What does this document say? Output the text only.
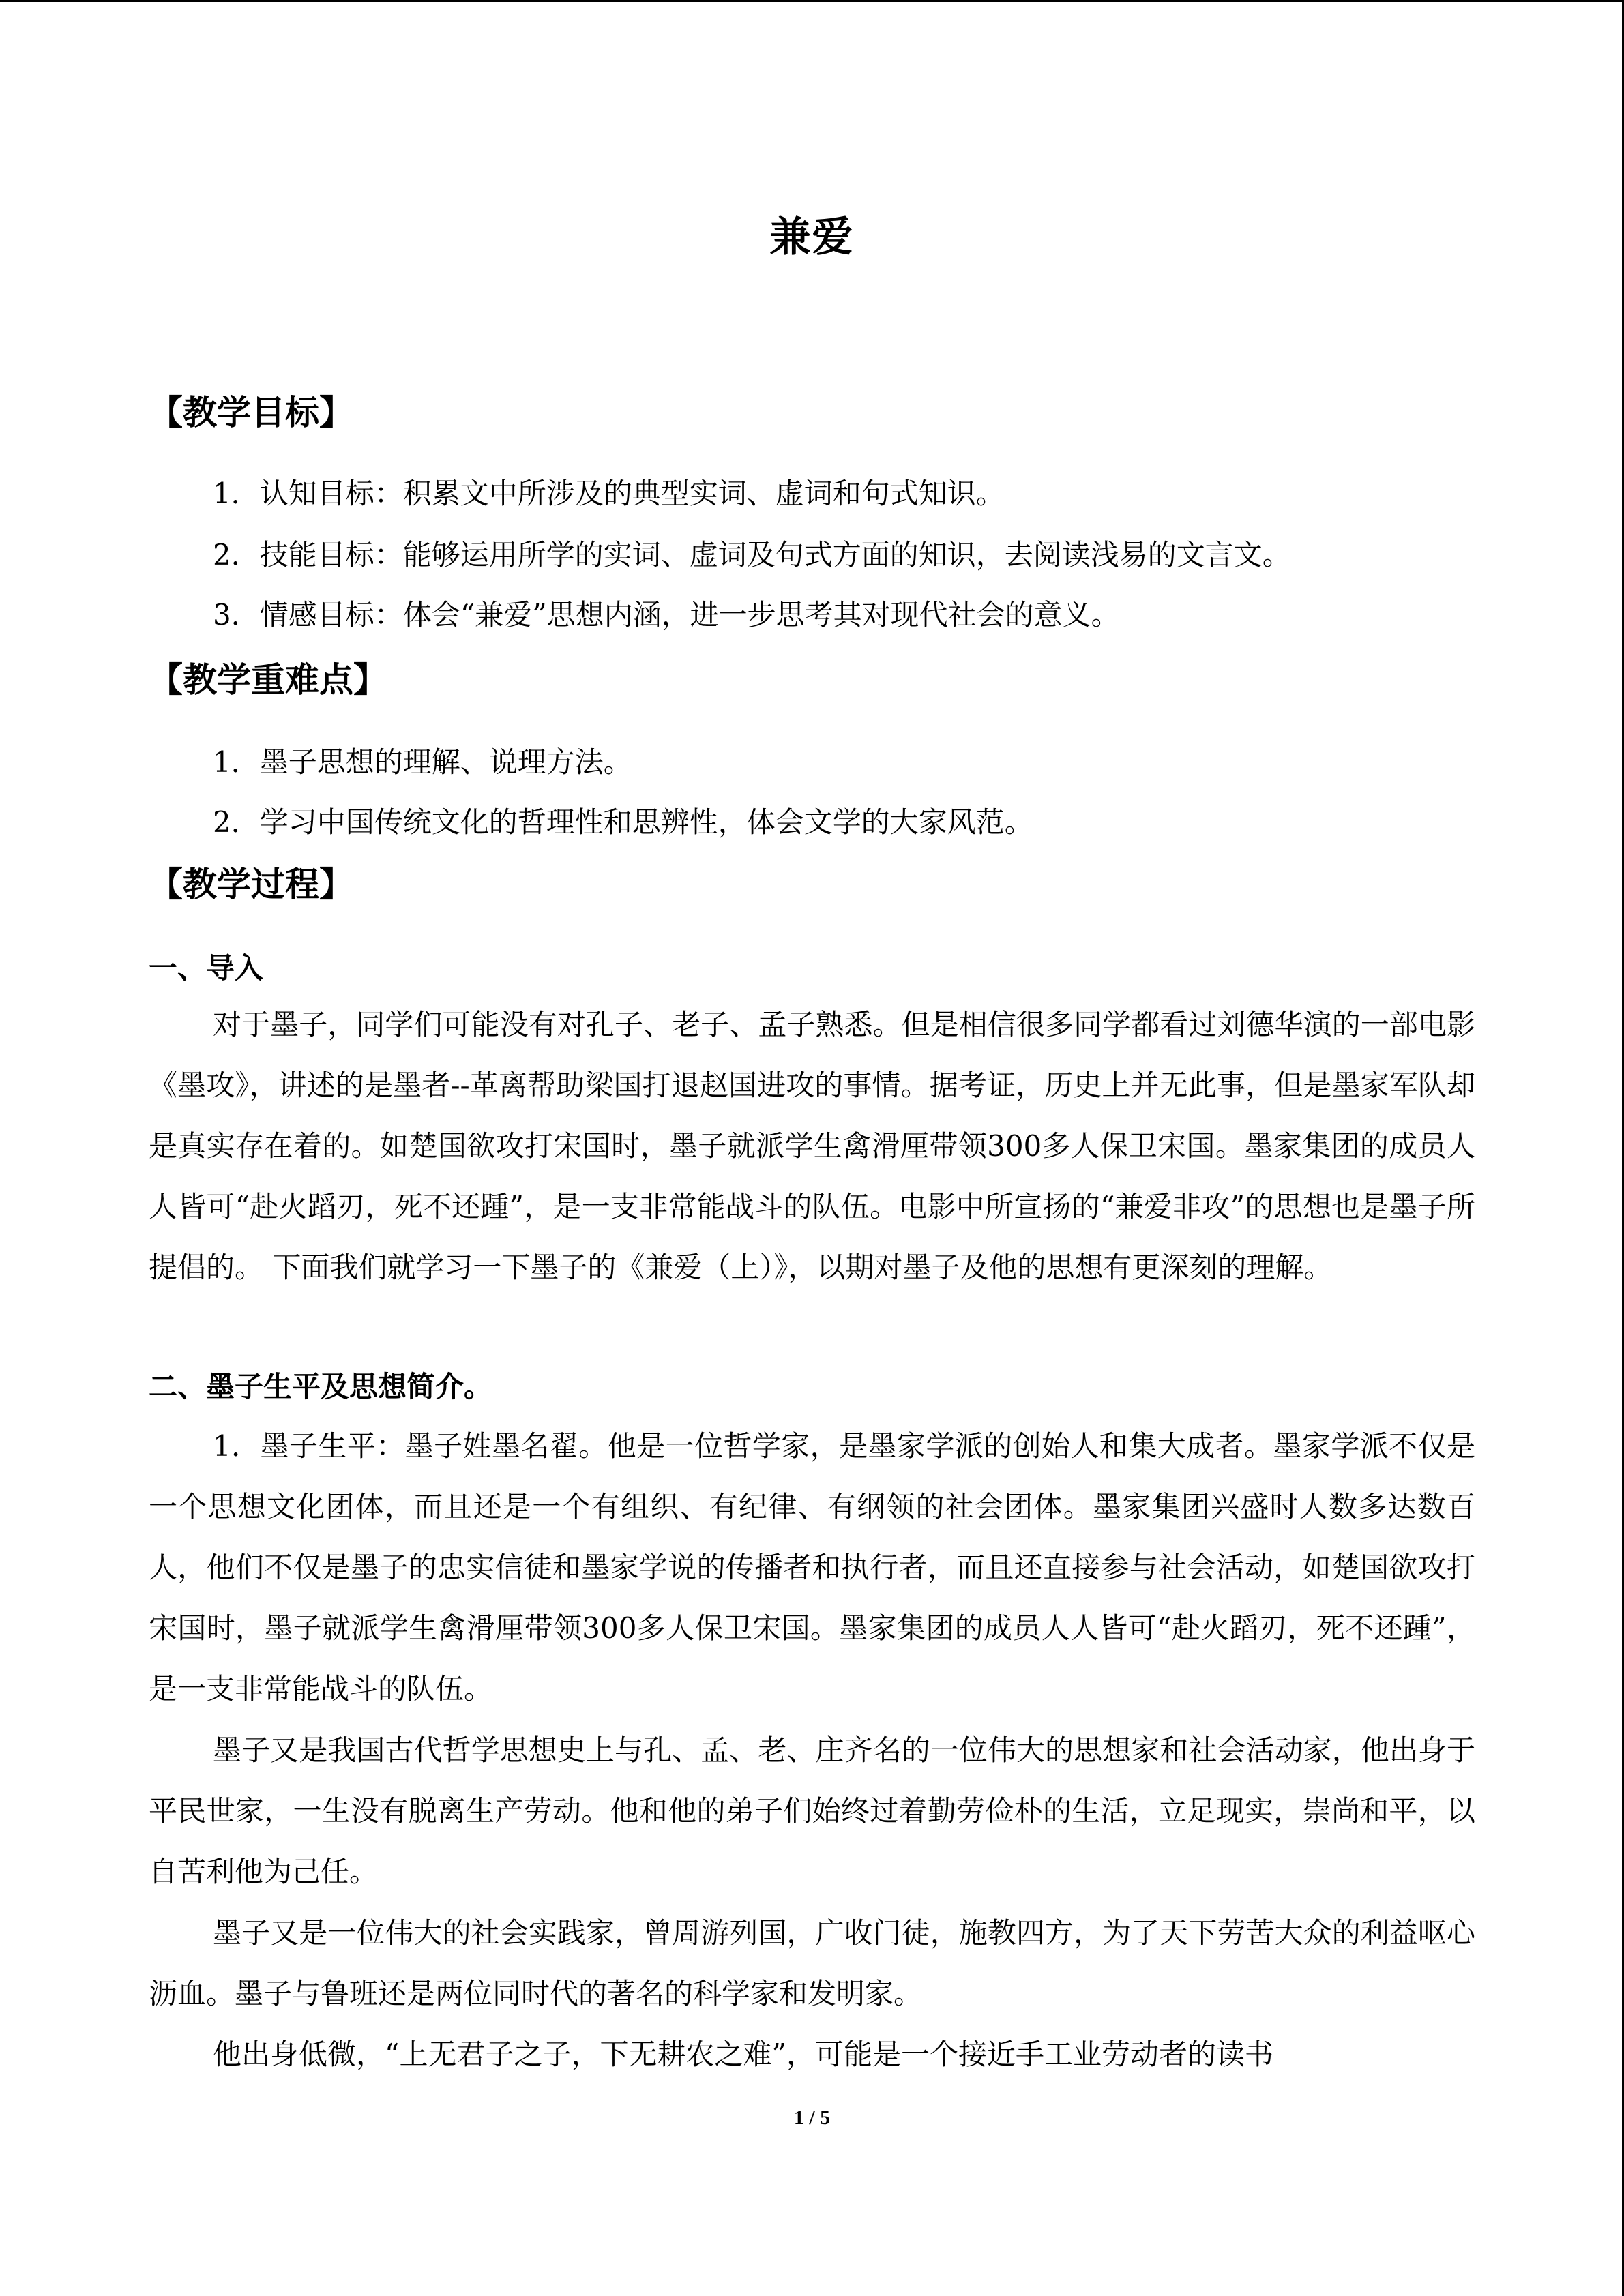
兼爱
【教学目标】
1．认知目标：积累文中所涉及的典型实词、虚词和句式知识。
2．技能目标：能够运用所学的实词、虚词及句式方面的知识，去阅读浅易的文言文。
3．情感目标：体会“兼爱”思想内涵，进一步思考其对现代社会的意义。
【教学重难点】
1．墨子思想的理解、说理方法。
2．学习中国传统文化的哲理性和思辨性，体会文学的大家风范。
【教学过程】
一、导入

对于墨子，同学们可能没有对孔子、老子、孟子熟悉。但是相信很多同学都看过刘德华演的一部电影《墨攻》，讲述的是墨者--革离帮助梁国打退赵国进攻的事情。据考证，历史上并无此事，但是墨家军队却是真实存在着的。如楚国欲攻打宋国时，墨子就派学生禽滑厘带领300多人保卫宋国。墨家集团的成员人人皆可“赴火蹈刃，死不还踵”，是一支非常能战斗的队伍。电影中所宣扬的“兼爱非攻”的思想也是墨子所提倡的。 下面我们就学习一下墨子的《兼爱（上）》，以期对墨子及他的思想有更深刻的理解。

二、墨子生平及思想简介。

1．墨子生平：墨子姓墨名翟。他是一位哲学家，是墨家学派的创始人和集大成者。墨家学派不仅是一个思想文化团体，而且还是一个有组织、有纪律、有纲领的社会团体。墨家集团兴盛时人数多达数百人，他们不仅是墨子的忠实信徒和墨家学说的传播者和执行者，而且还直接参与社会活动，如楚国欲攻打宋国时，墨子就派学生禽滑厘带领300多人保卫宋国。墨家集团的成员人人皆可“赴火蹈刃，死不还踵”，是一支非常能战斗的队伍。

墨子又是我国古代哲学思想史上与孔、孟、老、庄齐名的一位伟大的思想家和社会活动家，他出身于平民世家，一生没有脱离生产劳动。他和他的弟子们始终过着勤劳俭朴的生活，立足现实，崇尚和平，以自苦利他为己任。

墨子又是一位伟大的社会实践家，曾周游列国，广收门徒，施教四方，为了天下劳苦大众的利益呕心沥血。墨子与鲁班还是两位同时代的著名的科学家和发明家。

他出身低微，“上无君子之子，下无耕农之难”，可能是一个接近手工业劳动者的读书

1 / 5
